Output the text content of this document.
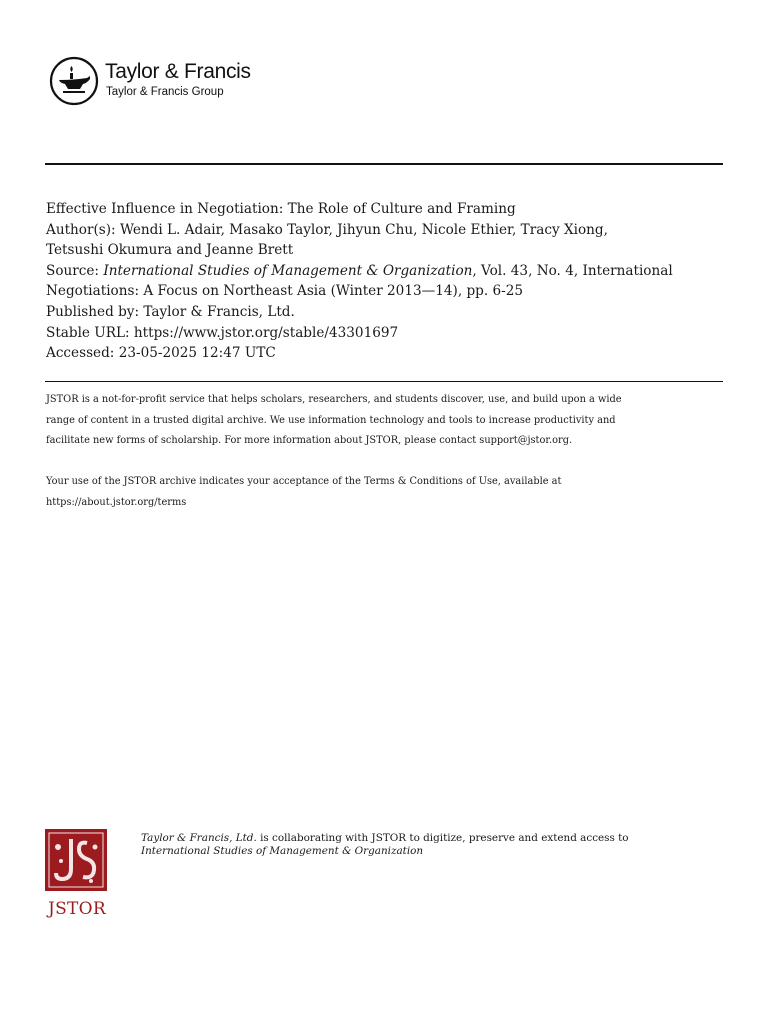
Taylor & Francis
Taylor & Francis Group
Effective Influence in Negotiation: The Role of Culture and Framing
Author(s): Wendi L. Adair, Masako Taylor, Jihyun Chu, Nicole Ethier, Tracy Xiong,
Tetsushi Okumura and Jeanne Brett
Source: International Studies of Management & Organization, Vol. 43, No. 4, International
Negotiations: A Focus on Northeast Asia (Winter 2013—14), pp. 6-25
Published by: Taylor & Francis, Ltd.
Stable URL: https://www.jstor.org/stable/43301697
Accessed: 23-05-2025 12:47 UTC
JSTOR is a not-for-profit service that helps scholars, researchers, and students discover, use, and build upon a wide
range of content in a trusted digital archive. We use information technology and tools to increase productivity and
facilitate new forms of scholarship. For more information about JSTOR, please contact support@jstor.org.
Your use of the JSTOR archive indicates your acceptance of the Terms & Conditions of Use, available at
https://about.jstor.org/terms
JSTOR
Taylor & Francis, Ltd. is collaborating with JSTOR to digitize, preserve and extend access to
International Studies of Management & Organization
